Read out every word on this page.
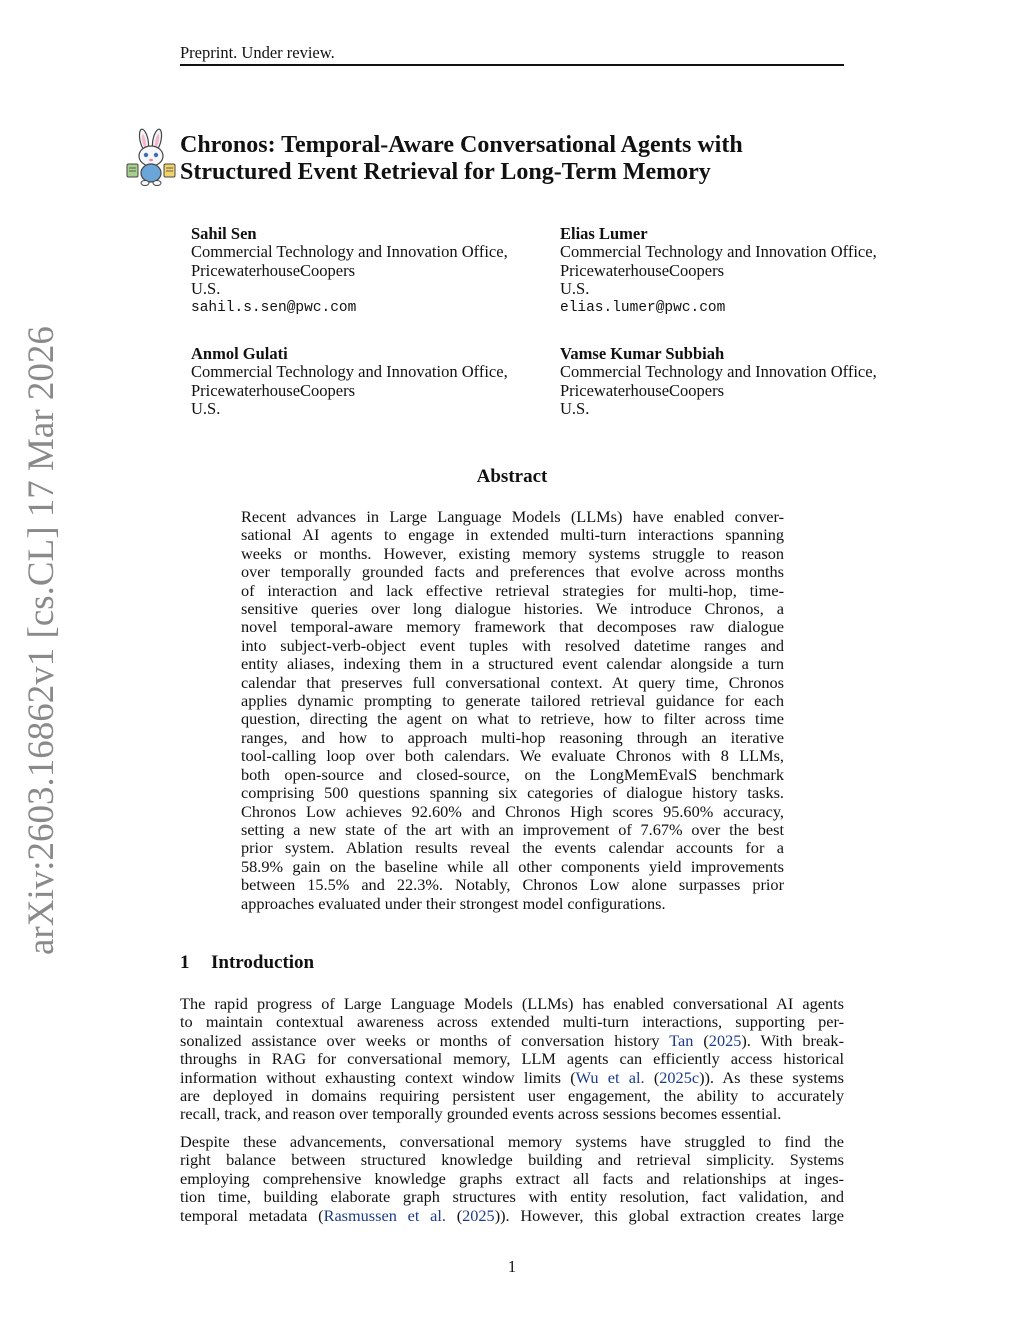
Preprint. Under review.
arXiv:2603.16862v1 [cs.CL] 17 Mar 2026
Chronos: Temporal-Aware Conversational Agents with
Structured Event Retrieval for Long-Term Memory
Sahil Sen
Commercial Technology and Innovation Office,
PricewaterhouseCoopers
U.S.
sahil.s.sen@pwc.com
Elias Lumer
Commercial Technology and Innovation Office,
PricewaterhouseCoopers
U.S.
elias.lumer@pwc.com
Anmol Gulati
Commercial Technology and Innovation Office,
PricewaterhouseCoopers
U.S.
Vamse Kumar Subbiah
Commercial Technology and Innovation Office,
PricewaterhouseCoopers
U.S.
Abstract
Recent advances in Large Language Models (LLMs) have enabled conver-
sational AI agents to engage in extended multi-turn interactions spanning
weeks or months. However, existing memory systems struggle to reason
over temporally grounded facts and preferences that evolve across months
of interaction and lack effective retrieval strategies for multi-hop, time-
sensitive queries over long dialogue histories. We introduce Chronos, a
novel temporal-aware memory framework that decomposes raw dialogue
into subject-verb-object event tuples with resolved datetime ranges and
entity aliases, indexing them in a structured event calendar alongside a turn
calendar that preserves full conversational context. At query time, Chronos
applies dynamic prompting to generate tailored retrieval guidance for each
question, directing the agent on what to retrieve, how to filter across time
ranges, and how to approach multi-hop reasoning through an iterative
tool-calling loop over both calendars. We evaluate Chronos with 8 LLMs,
both open-source and closed-source, on the LongMemEvalS benchmark
comprising 500 questions spanning six categories of dialogue history tasks.
Chronos Low achieves 92.60% and Chronos High scores 95.60% accuracy,
setting a new state of the art with an improvement of 7.67% over the best
prior system. Ablation results reveal the events calendar accounts for a
58.9% gain on the baseline while all other components yield improvements
between 15.5% and 22.3%. Notably, Chronos Low alone surpasses prior
approaches evaluated under their strongest model configurations.
1 Introduction
The rapid progress of Large Language Models (LLMs) has enabled conversational AI agents
to maintain contextual awareness across extended multi-turn interactions, supporting per-
sonalized assistance over weeks or months of conversation history Tan (2025). With break-
throughs in RAG for conversational memory, LLM agents can efficiently access historical
information without exhausting context window limits (Wu et al. (2025c)). As these systems
are deployed in domains requiring persistent user engagement, the ability to accurately
recall, track, and reason over temporally grounded events across sessions becomes essential.
Despite these advancements, conversational memory systems have struggled to find the
right balance between structured knowledge building and retrieval simplicity. Systems
employing comprehensive knowledge graphs extract all facts and relationships at inges-
tion time, building elaborate graph structures with entity resolution, fact validation, and
temporal metadata (Rasmussen et al. (2025)). However, this global extraction creates large
1
